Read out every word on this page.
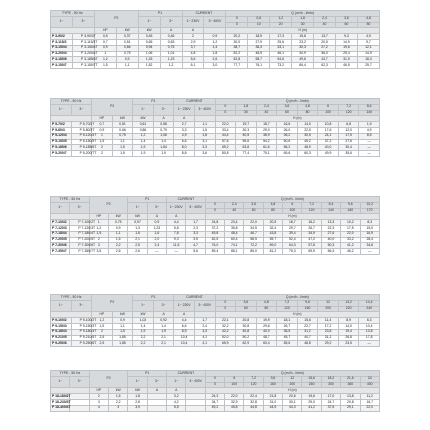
TYPE - 50 Hz		P2		P1		CURRENT		Q (m³/h - l/min)						
1~	3~			1~	3~	1~ 230V	3~ 400V	0	0,6	1,2	1,8	2,4	3,6	4,8
								0	10	20	30	40	60	80
		HP	kW	kW	A	A		H (m)						
P 3-90/2	P 3-90/3T	0,5	0,37	0,45	0,46	2	0,9	20,2	18,9	17,3	15,8	13,7	9,3	4,9
P 3-115/2	P 3-115/3T	0,7	0,51	0,65	0,63	2,9	1,2	30,0	27,9	25,6	23,2	20,5	14,9	9,7
P 3-150/4	P 3-150/4T	0,9	0,66	0,94	0,75	3,7	1,4	38,7	36,3	33,1	30,3	27,2	19,6	12,1
P 3-200/4	P 3-200/4T	1	0,75	1,06	1,01	4,8	1,8	52,2	48,9	46,1	40,9	36,0	25,4	14,9
P 3-185/6	P 3-185/6T	1,2	0,9	1,33	1,23	5,6	2,6	62,8	58,7	54,6	49,6	43,7	31,9	18,0
P 3-150/7	P 3-150/7T	1,5	1,1	1,52	1,2	6,1	3,0	77,7	76,1	73,2	66,4	62,3	46,5	25,7
TYPE - 50 Hz		P2		P1		CURRENT		Q (m³/h - l/min)							
1~	3~			1~	3~	1~ 230V	3~ 400V	0	1,8	2,4	3,6	4,8	6	7,2	8,4
								0	30	40	60	80	100	120	140
		HP	kW	kW	A	A		H (m)							
P 5-70/2	P 5-70/2T	0,7	0,51	0,61	0,58	2,7	1,1	22,0	19,7	18,7	16,6	14,0	10,8	6,8	1,9
P 5-80/3	P 5-80/3T	0,9	0,66	0,86	0,79	3,3	1,5	33,4	30,3	29,0	26,0	22,5	17,6	12,0	4,9
P 5-120/4	P 5-120/4T	1	0,75	1,2	1,06	4,9	1,8	44,4	40,5	38,9	35,2	30,5	24,1	17,5	8,5
P 5-150/5	P 5-150/5T	1,5	1,1	1,4	1,4	6,6	3,1	57,6	55,6	54,2	50,6	45,2	37,2	27,6	—
P 5-185/6	P 5-185/6T	2	1,5	1,9	1,84	8,0	3,3	69,2	63,8	61,6	56,2	48,9	40,0	30,4	—
P 5-200/7	P 5-200/7T	2	1,5	1,9	1,9	8,8	3,6	80,8	77,4	75,1	69,6	60,3	49,9	35,6	—
TYPE - 50 Hz		P2		P1		CURRENT		Q (m³/h - l/min)								
1~	3~			1~	3~	1~ 230V	3~ 400V	0	2,4	3,6	4,8	6	7,2	8,4	9,6	10,2
								0	40	60	80	100	120	140	160	170
		HP	kW	kW	A	A		H (m)								
P 7-100/2	P 7-100/2T	1	0,75	0,97	0,9	4,4	1,7	24,8	23,4	22,0	20,5	18,7	16,2	13,3	10,2	8,3
P 7-120/3	P 7-120/3T	1,2	0,9	1,3	1,23	5,8	2,3	37,2	35,8	34,5	32,4	29,7	26,7	22,3	17,5	15,0
P 7-180/4	P 7-180/4T	1,5	1,1	1,6	1,6	7,6	3,3	49,8	48,4	46,7	43,8	39,4	34,9	27,6	22,0	16,9
P 7-200/5	P 7-200/5T	2	1,5	2,1	2,0	9,3	3,5	62,5	60,4	58,5	55,7	52,4	47,2	40,0	33,2	28,4
P 7-300/6	P 7-300/6T	3	2,2	2,5	2,4	11,5	4,7	76,0	74,1	72,2	69,0	64,3	57,8	50,3	41,2	34,8
P 7-350/7	P 7-350/7T	3,5	2,6	2,6	—	—	5,6	89,4	88,1	85,0	81,2	75,3	69,5	56,3	46,2	—
TYPE - 50 Hz		P2		P1		CURRENT		Q (m³/h - l/min)							
1~	3~			1~	3~	1~ 230V	3~ 400V	0	3,6	4,8	7,2	9,6	12	13,2	14,4
								0	60	80	120	160	200	220	240
		HP	kW	kW	A	A		H (m)							
P 9-100/2	P 9-100/2T	1,2	0,9	1,02	0,92	4,4	1,7	22,1	20,8	19,9	18,1	15,6	11,4	8,9	6,3
P 9-150/3	P 9-150/3T	1,5	1,1	1,4	1,4	6,6	2,4	32,2	30,8	29,6	26,7	22,7	17,2	14,0	10,4
P 9-180/4	P 9-180/4T	2	1,5	1,9	1,9	8,9	3,3	42,2	40,8	40,0	36,5	31,2	23,8	19,4	13,8
P 9-210/5	P 9-210/5T	2,5	1,85	2,2	2,1	10,4	4,1	52,0	50,2	48,7	45,7	40,7	31,2	26,8	17,8
P 9-250/6	P 9-250/6T	2,5	1,85	2,2	2,1	10,4	4,1	65,9	62,9	60,4	55,6	48,8	29,2	23,5	—
TYPE - 50 Hz		P2		P1		CURRENT		Q (m³/h - l/min)								
1~	3~			1~	3~	1~	3~ 400V	0	6	7,2	9,6	12	15,6	18,2	21,6	24
								0	100	120	160	200	260	300	360	400
		HP	kW	kW	A	A		H (m)								
P 18-180/2T		2	1,5	1,8		3,2		24,3	22,0	22,4	21,8	20,6	19,6	17,0	13,8	11,2
P 18-230/3T		3	2,2	2,8		4,2		34,7	32,9	32,8	31,0	30,1	29,0	24,7	20,8	16,7
P 18-400/4T		4	3	3,9		5,5		49,2	45,8	44,8	44,5	44,3	41,2	37,5	29,1	22,0
